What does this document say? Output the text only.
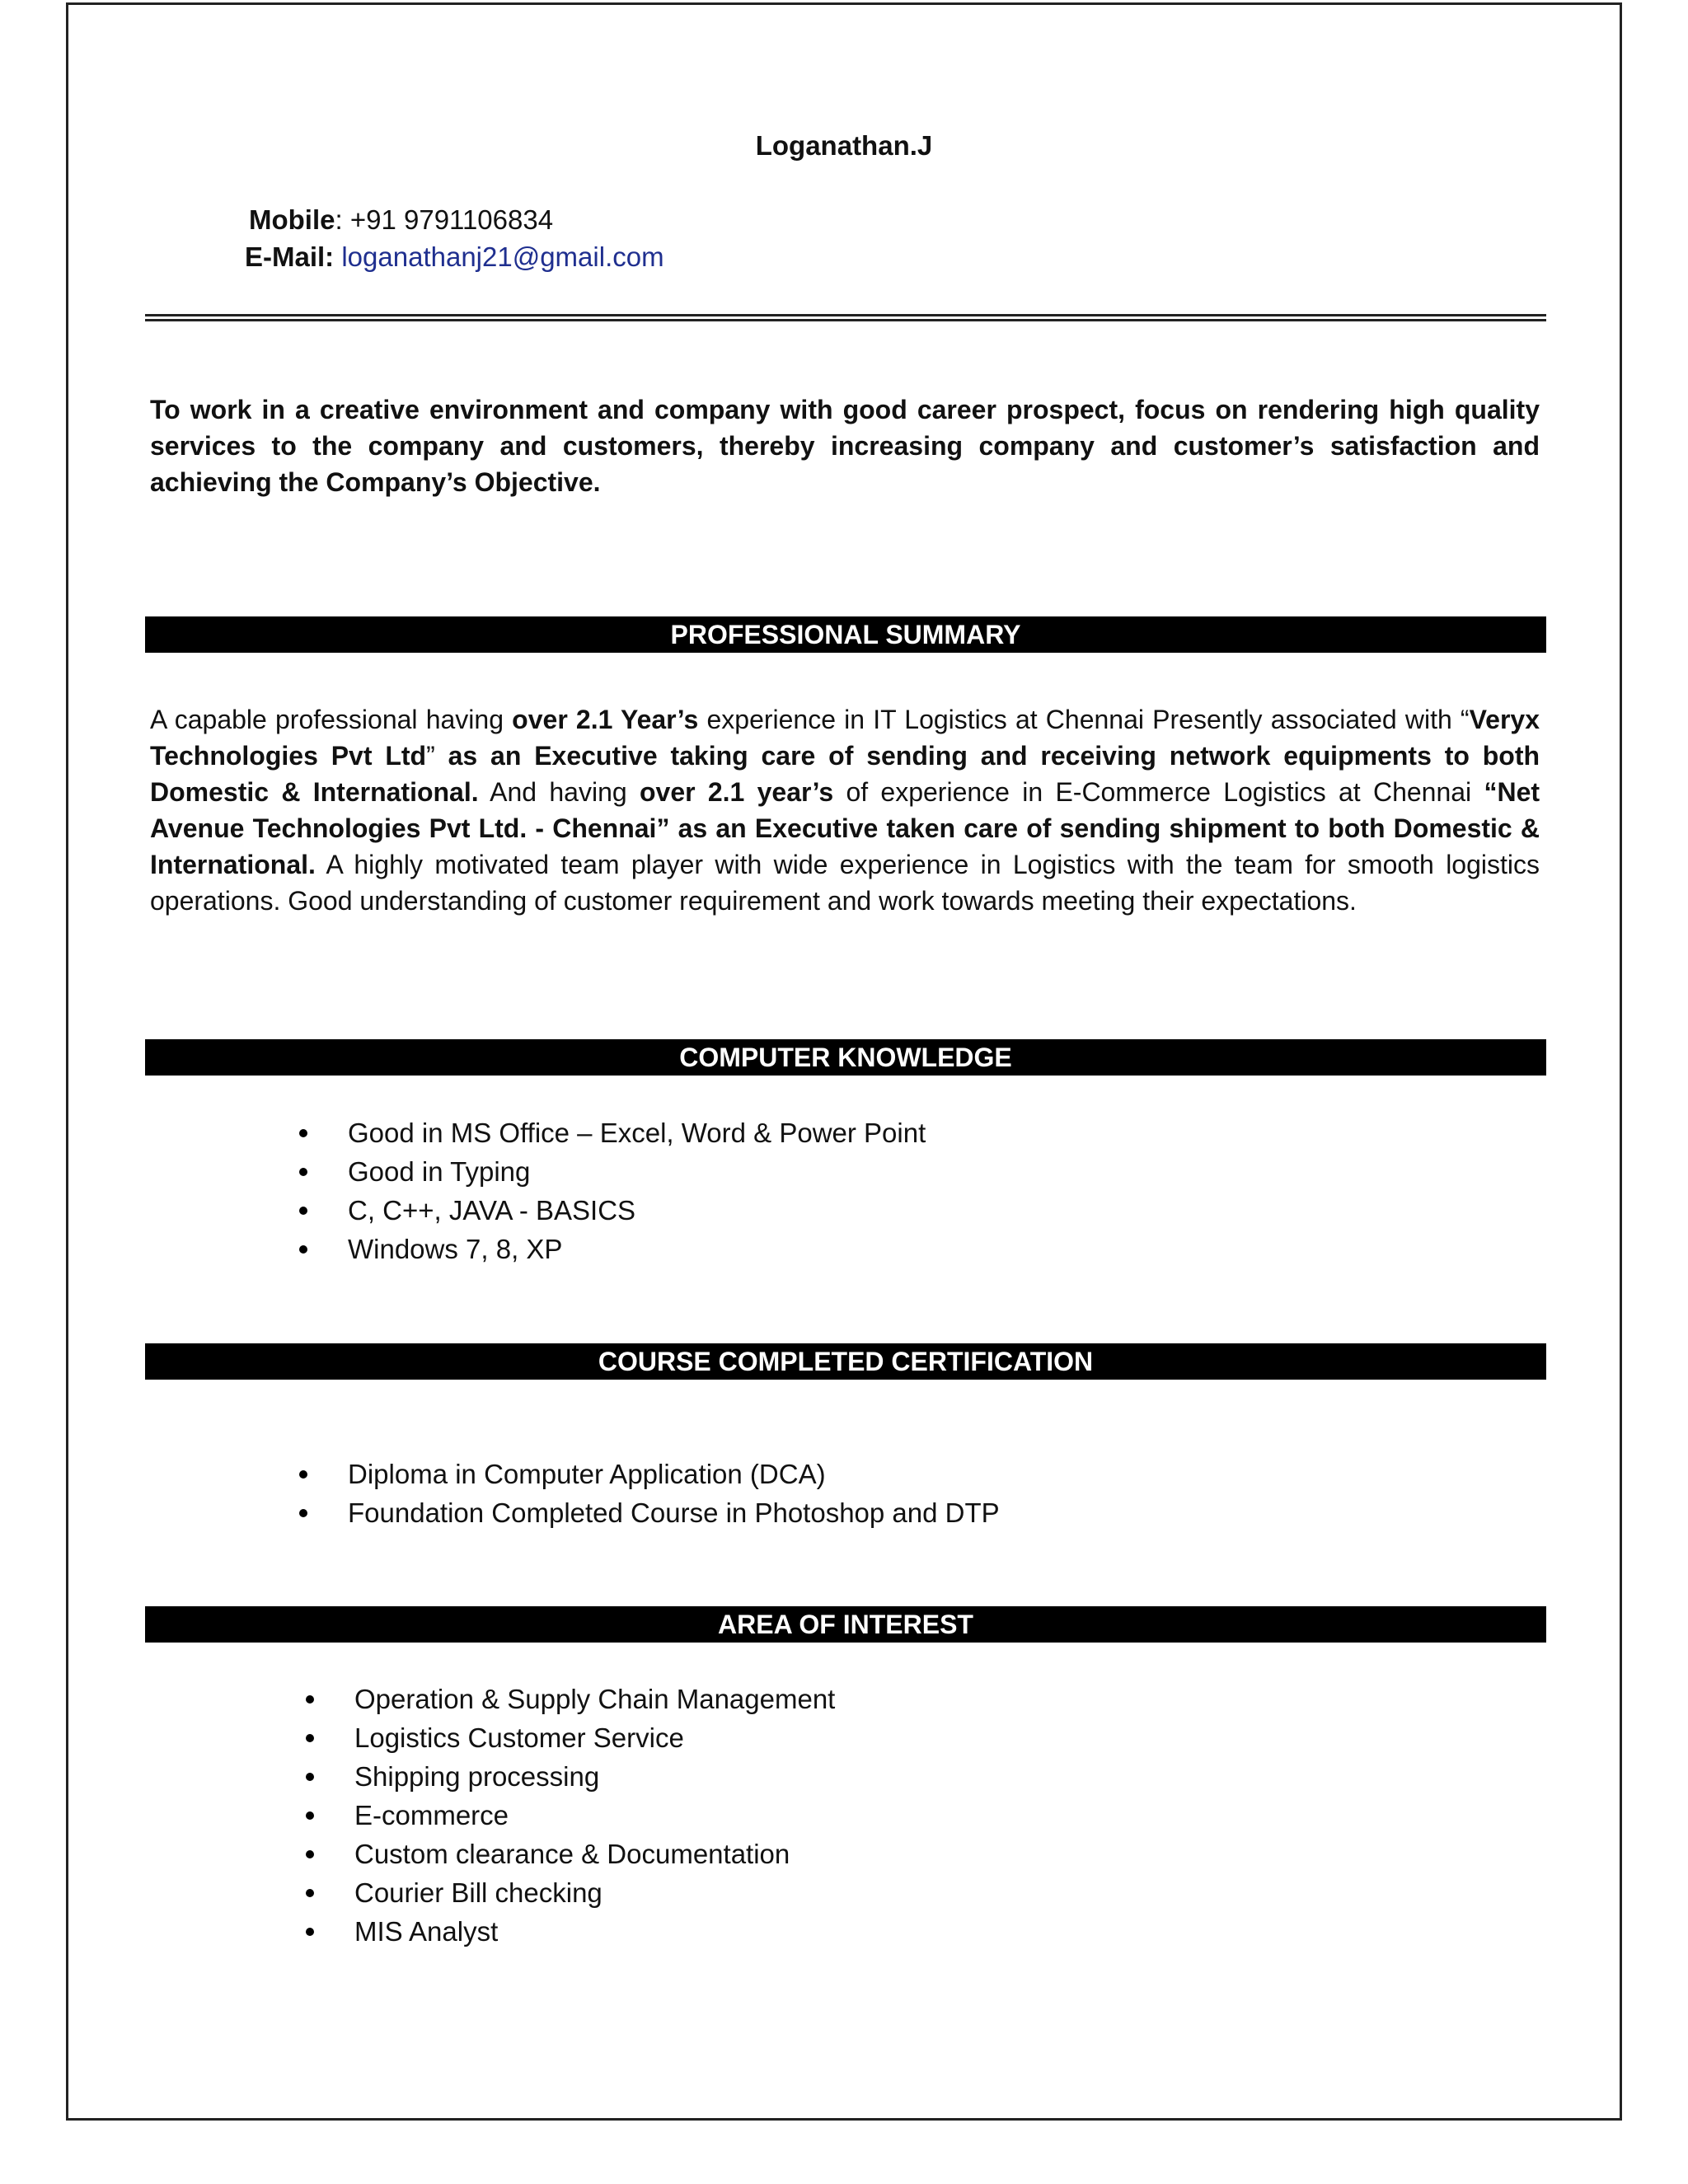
Loganathan.J
Mobile: +91 9791106834
E-Mail: loganathanj21@gmail.com
To work in a creative environment and company with good career prospect, focus on rendering high quality services to the company and customers, thereby increasing company and customer’s satisfaction and achieving the Company’s Objective.
PROFESSIONAL SUMMARY
A capable professional having over 2.1 Year’s experience in IT Logistics at Chennai Presently associated with “Veryx Technologies Pvt Ltd” as an Executive taking care of sending and receiving network equipments to both Domestic & International. And having over 2.1 year’s of experience in E-Commerce Logistics at Chennai “Net Avenue Technologies Pvt Ltd. - Chennai” as an Executive taken care of sending shipment to both Domestic & International. A highly motivated team player with wide experience in Logistics with the team for smooth logistics operations. Good understanding of customer requirement and work towards meeting their expectations.
COMPUTER KNOWLEDGE
Good in MS Office – Excel, Word & Power Point
Good in Typing
C, C++, JAVA - BASICS
Windows 7, 8, XP
COURSE COMPLETED CERTIFICATION
Diploma in Computer Application (DCA)
Foundation Completed Course in Photoshop and DTP
AREA OF INTEREST
Operation & Supply Chain Management
Logistics Customer Service
Shipping processing
E-commerce
Custom clearance & Documentation
Courier Bill checking
MIS Analyst
